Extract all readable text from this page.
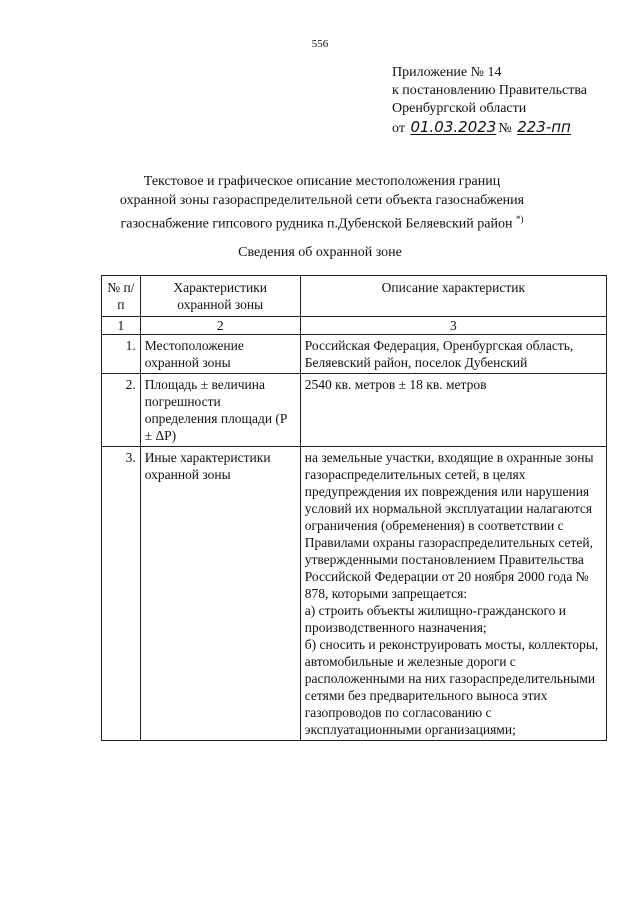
556
Приложение № 14
к постановлению Правительства
Оренбургской области
от
01.03.2023 №
223-пп
Текстовое и графическое описание местоположения границ
охранной зоны газораспределительной сети объекта газоснабжения
газоснабжение гипсового рудника п.Дубенской Беляевский район *)
Сведения об охранной зоне
№ п/п	Характеристики охранной зоны	Описание характеристик
1	2	3
1.	Местоположение охранной зоны	Российская Федерация, Оренбургская область, Беляевский район, поселок Дубенский
2.	Площадь ± величина погрешности определения площади (P ± ΔP)	2540 кв. метров ± 18 кв. метров
3.	Иные характеристики охранной зоны	на земельные участки, входящие в охранные зоны газораспределительных сетей, в целях предупреждения их повреждения или нарушения условий их нормальной эксплуатации налагаются ограничения (обременения) в соответствии с Правилами охраны газораспределительных сетей, утвержденными постановлением Правительства Российской Федерации от 20 ноября 2000 года № 878, которыми запрещается:
а) строить объекты жилищно-гражданского и производственного назначения;
б) сносить и реконструировать мосты, коллекторы, автомобильные и железные дороги с расположенными на них газораспределительными сетями без предварительного выноса этих газопроводов по согласованию с эксплуатационными организациями;
